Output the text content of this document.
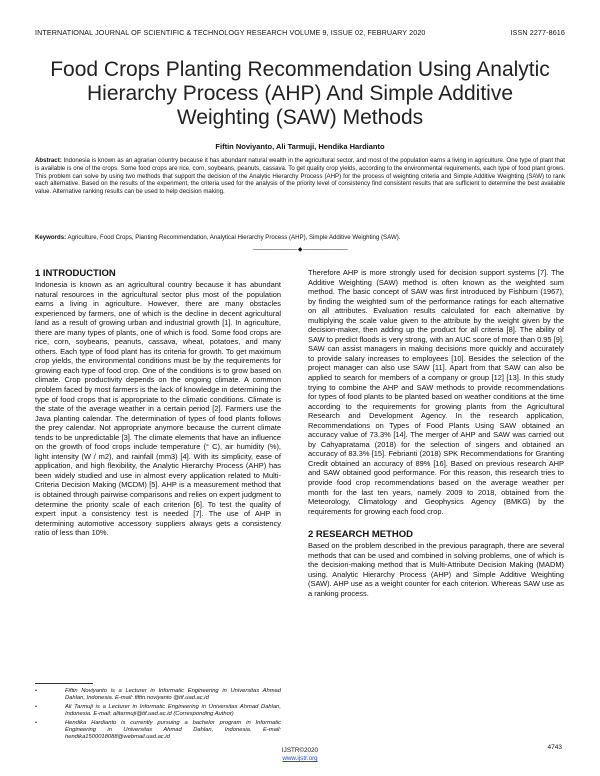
INTERNATIONAL JOURNAL OF SCIENTIFIC & TECHNOLOGY RESEARCH VOLUME 9, ISSUE 02, FEBRUARY 2020	ISSN 2277-8616
Food Crops Planting Recommendation Using Analytic Hierarchy Process (AHP) And Simple Additive Weighting (SAW) Methods
Fiftin Noviyanto, Ali Tarmuji, Hendika Hardianto
Abstract: Indonesia is known as an agrarian country because it has abundant natural wealth in the agricultural sector, and most of the population earns a living in agriculture. One type of plant that is available is one of the crops. Some food crops are rice, corn, soybeans, peanuts, cassava. To get quality crop yields, according to the environmental requirements, each type of food plant grows. This problem can solve by using two methods that support the decision of the Analytic Hierarchy Process (AHP) for the process of weighting criteria and Simple Additive Weighting (SAW) to rank each alternative. Based on the results of the experiment, the criteria used for the analysis of the priority level of consistency find consistent results that are sufficient to determine the best available value. Alternative ranking results can be used to help decision making.
Keywords: Agriculture, Food Crops, Planting Recommendation, Analytical Hierarchy Process (AHP), Simple Additive Weighting (SAW).
———————— ◆ ————————
1 INTRODUCTION

Indonesia is known as an agricultural country because it has abundant natural resources in the agricultural sector plus most of the population earns a living in agriculture. However, there are many obstacles experienced by farmers, one of which is the decline in decent agricultural land as a result of growing urban and industrial growth [1]. In agriculture, there are many types of plants, one of which is food. Some food crops are rice, corn, soybeans, peanuts, cassava, wheat, potatoes, and many others. Each type of food plant has its criteria for growth. To get maximum crop yields, the environmental conditions must be by the requirements for growing each type of food crop. One of the conditions is to grow based on climate. Crop productivity depends on the ongoing climate. A common problem faced by most farmers is the lack of knowledge in determining the type of food crops that is appropriate to the climatic conditions. Climate is the state of the average weather in a certain period [2]. Farmers use the Java planting calendar. The determination of types of food plants follows the prey calendar. Not appropriate anymore because the current climate tends to be unpredictable [3]. The climate elements that have an influence on the growth of food crops include temperature (° C), air humidity (%), light intensity (W / m2), and rainfall (mm3) [4]. With its simplicity, ease of application, and high flexibility, the Analytic Hierarchy Process (AHP) has been widely studied and use in almost every application related to Multi-Criteria Decision Making (MCDM) [5]. AHP is a measurement method that is obtained through pairwise comparisons and relies on expert judgment to determine the priority scale of each criterion [6]. To test the quality of expert input a consistency test is needed [7]. The use of AHP in determining automotive accessory suppliers always gets a consistency ratio of less than 10%.

Therefore AHP is more strongly used for decision support systems [7]. The Additive Weighting (SAW) method is often known as the weighted sum method. The basic concept of SAW was first introduced by Fishburn (1967), by finding the weighted sum of the performance ratings for each alternative on all attributes. Evaluation results calculated for each alternative by multiplying the scale value given to the attribute by the weight given by the decision-maker, then adding up the product for all criteria [8]. The ability of SAW to predict floods is very strong, with an AUC score of more than 0.95 [9]. SAW can assist managers in making decisions more quickly and accurately to provide salary increases to employees [10]. Besides the selection of the project manager can also use SAW [11]. Apart from that SAW can also be applied to search for members of a company or group [12] [13]. In this study trying to combine the AHP and SAW methods to provide recommendations for types of food plants to be planted based on weather conditions at the time according to the requirements for growing plants from the Agricultural Research and Development Agency. In the research application, Recommendations on Types of Food Plants Using SAW obtained an accuracy value of 73.3% [14]. The merger of AHP and SAW was carried out by Cahyapratama (2018) for the selection of singers and obtained an accuracy of 83.3% [15]. Febrianti (2018) SPK Recommendations for Granting Credit obtained an accuracy of 89% [16]. Based on previous research AHP and SAW obtained good performance. For this reason, this research tries to provide food crop recommendations based on the average weather per month for the last ten years, namely 2009 to 2018, obtained from the Meteorology, Climatology and Geophysics Agency (BMKG) by the requirements for growing each food crop.

2 RESEARCH METHOD

Based on the problem described in the previous paragraph, there are several methods that can be used and combined in solving problems, one of which is the decision-making method that is Multi-Attribute Decision Making (MADM) using. Analytic Hierarchy Process (AHP) and Simple Additive Weighting (SAW). AHP use as a weight counter for each criterion. Whereas SAW use as a ranking process.

• Fiftin Noviyanto is a Lecturer in Informatic Engineering in Universitas Ahmad Dahlan, Indonesia. E-mail: fiftin.noviyanto @tif.uad.ac.id
• Ali Tarmuji is a Lecturer in Informatic Engineering in Universitas Ahmad Dahlan, Indonesia. E-mail: alitarmuji@tif.uad.ac.id (Corresponding Author)
• Hendika Hardianto is currently pursuing a bachelor program in Informatic Engineering in Universitas Ahmad Dahlan, Indonesia. E-mail: hendika1500018088@webmail.uad.ac.id
IJSTR©2020
www.ijstr.org
4743
